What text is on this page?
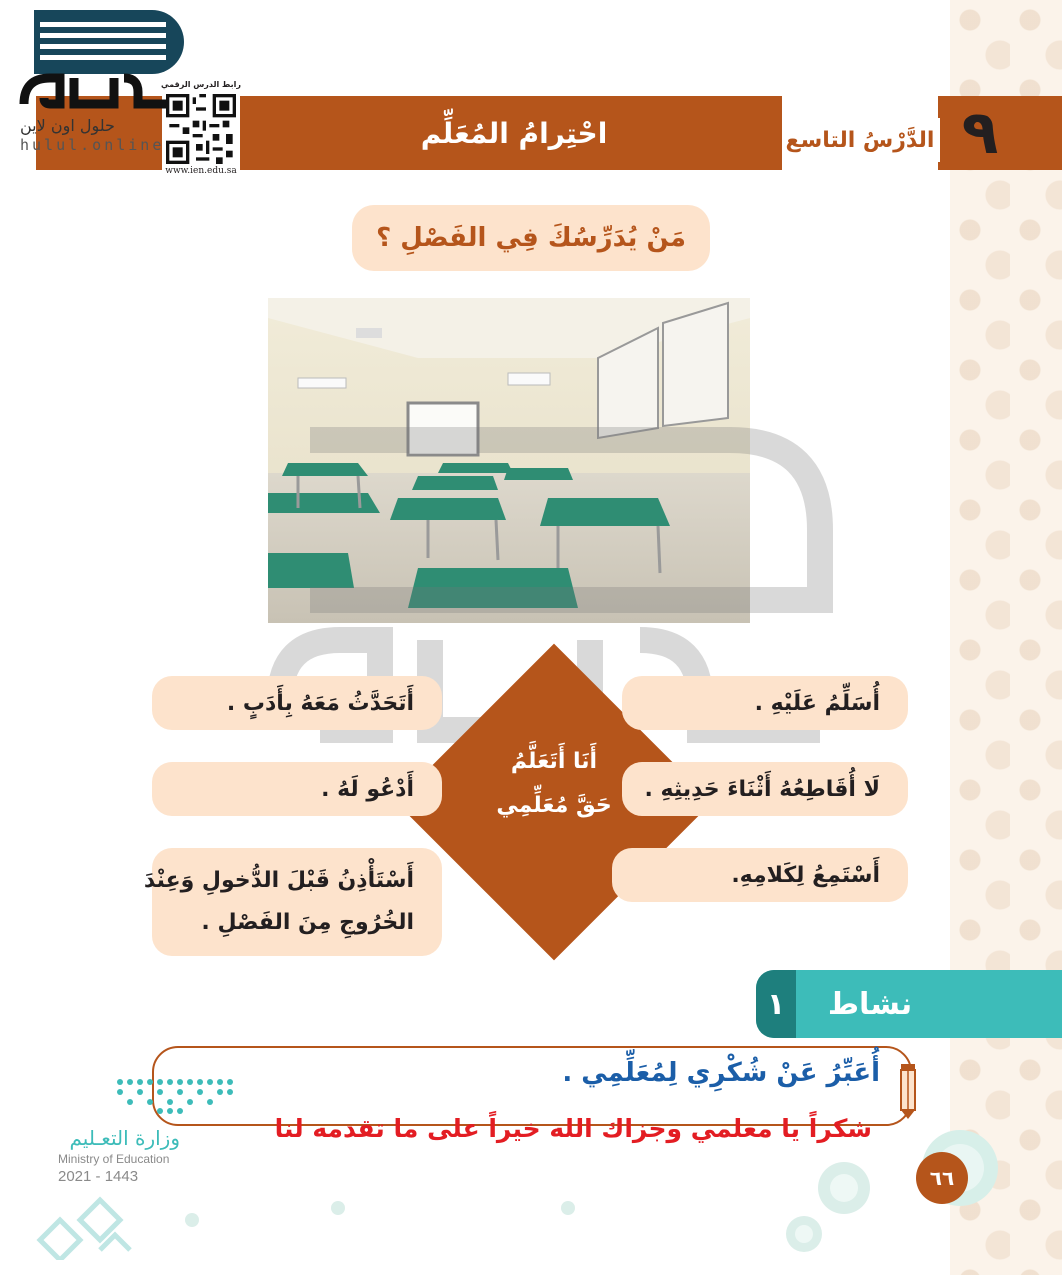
٩
الدَّرْسُ التاسع
احْتِرامُ المُعَلِّم
رابط الدرس الرقمي
www.ien.edu.sa
حلول اون لاين
hulul.online
مَنْ يُدَرِّسُكَ فِي الفَصْلِ ؟
أَنَا أَتَعَلَّمُ
حَقَّ مُعَلِّمِي
أُسَلِّمُ عَلَيْهِ .
لَا أُقَاطِعُهُ أَثْنَاءَ حَدِيثِهِ .
أَسْتَمِعُ لِكَلامِهِ.
أَتَحَدَّثُ مَعَهُ بِأَدَبٍ .
أَدْعُو لَهُ .
أَسْتَأْذِنُ قَبْلَ الدُّخولِ وَعِنْدَ
الخُرُوجِ مِنَ الفَصْلِ .
١	نشاط
أُعَبِّرُ عَنْ شُكْرِي لِمُعَلِّمِي .
شكراً يا معلمي وجزاك الله خيراً على ما تقدمه لنا
وزارة التعـليم
Ministry of Education
2021 - 1443	٦٦
